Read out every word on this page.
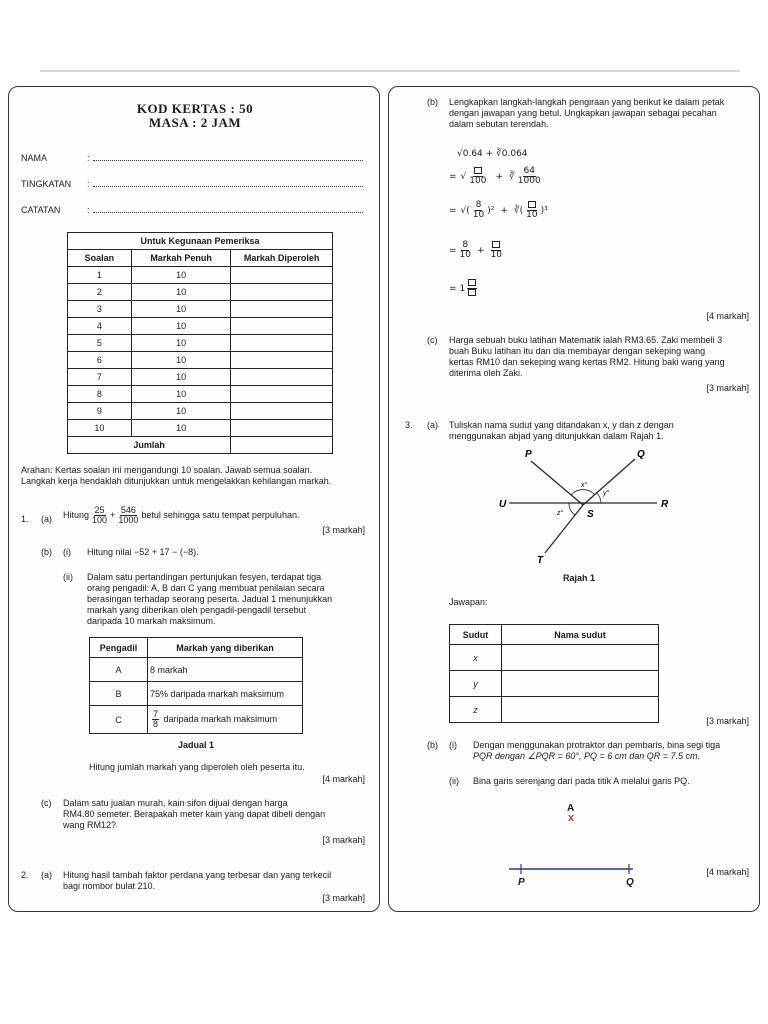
KOD KERTAS : 50
MASA : 2 JAM
NAMA	:
TINGKATAN :
CATATAN	:
Untuk Kegunaan Pemeriksa		
Soalan	Markah Penuh	Markah Diperoleh
1	10	
2	10	
3	10	
4	10	
5	10	
6	10	
7	10	
8	10	
9	10	
10	10	
Jumlah		
Arahan: Kertas soalan ini mengandungi 10 soalan. Jawab semua soalan.
Langkah kerja hendaklah ditunjukkan untuk mengelakkan kehilangan markah.
1. (a) Hitung $\frac{25}{100} + \frac{546}{1000}$ betul sehingga satu tempat perpuluhan.
[3 markah]
(b) (i) Hitung nilai −52 + 17 − (−8).
(ii) Dalam satu pertandingan pertunjukan fesyen, terdapat tiga
orang pengadil: A, B dan C yang membuat penilaian secara
berasingan terhadap seorang peserta. Jadual 1 menunjukkan
markah yang diberikan oleh pengadil-pengadil tersebut
daripada 10 markah maksimum.
Pengadil	Markah yang diberikan
A	8 markah
B	75% daripada markah maksimum
C	$\frac{7}{8}$ daripada markah maksimum
Jadual 1
Hitung jumlah markah yang diperoleh oleh peserta itu.
[4 markah]
(c) Dalam satu jualan murah, kain sifon dijual dengan harga
RM4.80 semeter. Berapakah meter kain yang dapat dibeli dengan
wang RM12?
[3 markah]
2. (a) Hitung hasil tambah faktor perdana yang terbesar dan yang terkecil
bagi nombor bulat 210.
[3 markah]
(b) Lengkapkan langkah-langkah pengiraan yang berikut ke dalam petak
dengan jawapan yang betul. Ungkapkan jawapan sebagai pecahan
dalam sebutan terendah.
√0.64 + ∛0.064
= √ 100 + ∛ $\frac{64}{1000}$
= √( $\frac{8}{10} )^2$ + ∛( 10 )³
= $\frac{8}{10} + 10$
= 1
[4 markah]
(c) Harga sebuah buku latihan Matematik ialah RM3.65. Zaki membeli 3
buah Buku latihan itu dan dia membayar dengan sekeping wang
kertas RM10 dan sekeping wang kertas RM2. Hitung baki wang yang
diterima oleh Zaki.
[3 markah]
3. (a) Tuliskan nama sudut yang ditandakan x, y dan z dengan
menggunakan abjad yang ditunjukkan dalam Rajah 1.
P	Q
U	R
S
T
x°
y°
z°
Rajah 1
Jawapan:
Sudut	Nama sudut
x	
y	
z	
[3 markah]
(b) (i) Dengan menggunakan protraktor dan pembaris, bina segi tiga
PQR dengan ∠PQR = 60°, PQ = 6 cm dan QR = 7.5 cm.
(ii) Bina garis serenjang dari pada titik A melalui garis PQ.
A
x
P	Q
[4 markah]
